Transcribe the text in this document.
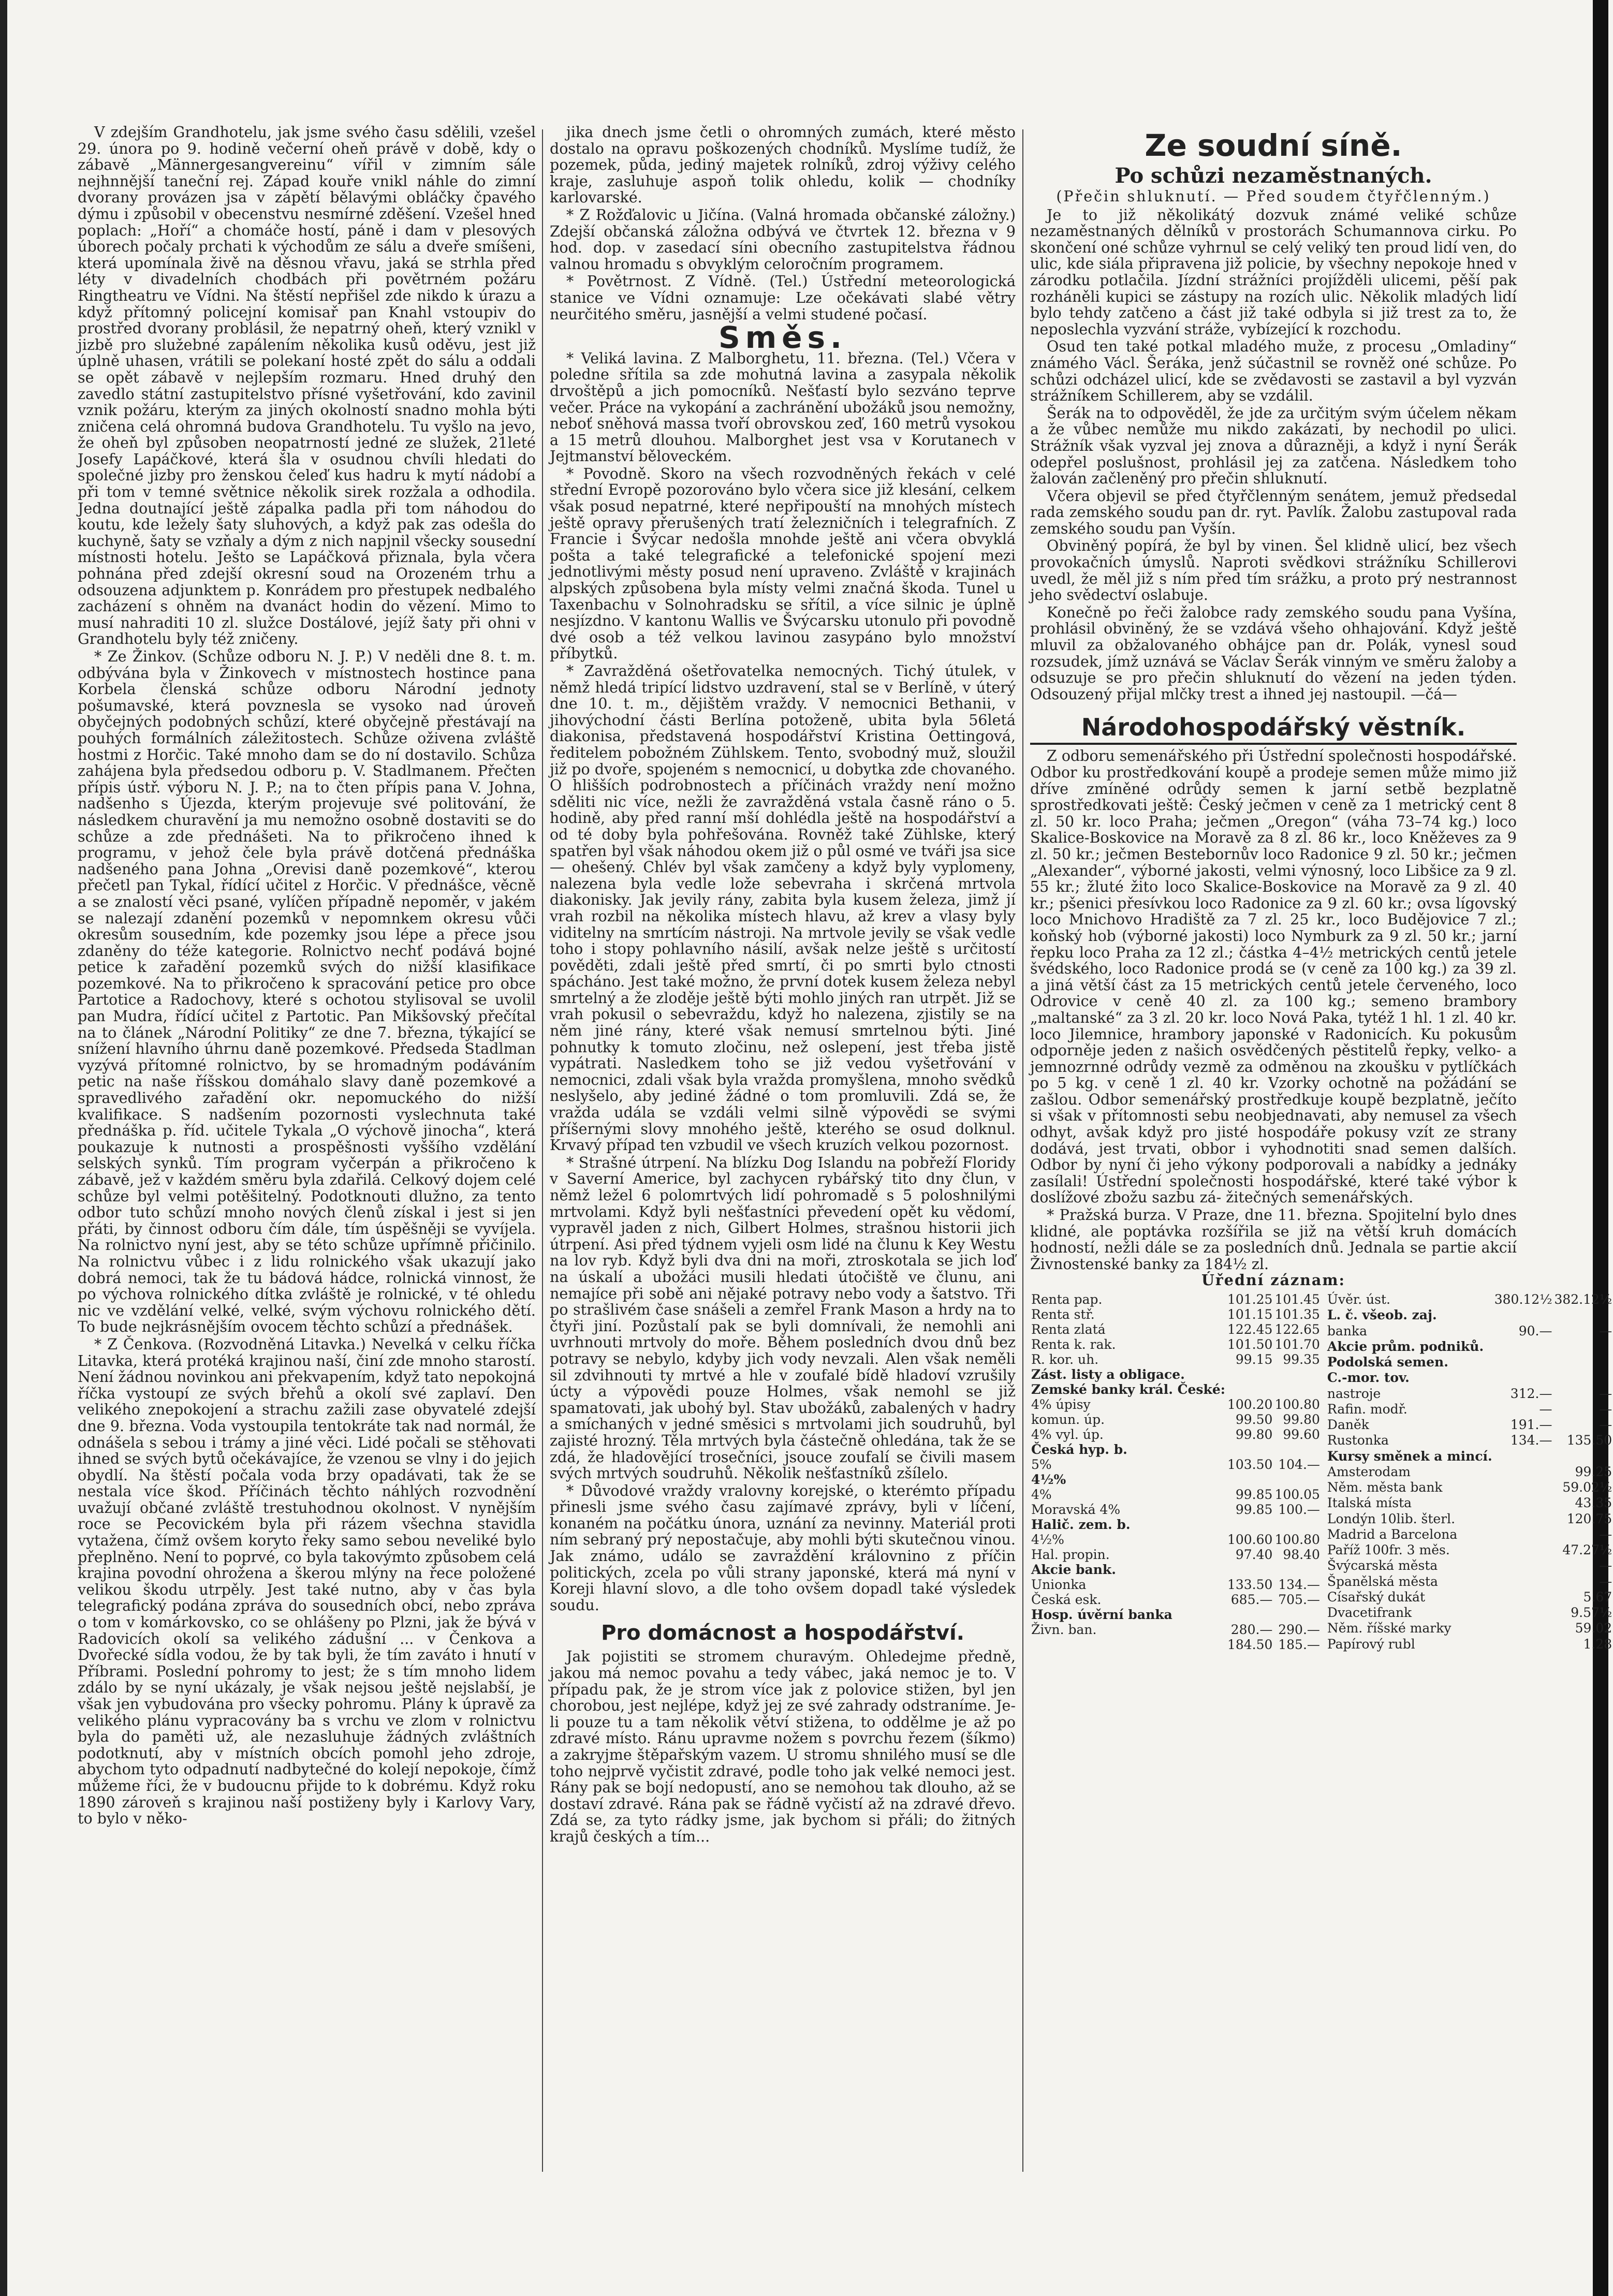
V zdejším Grandhotelu, jak jsme svého času sdělili, vzešel 29. února po 9. hodině večerní oheň právě v době, kdy o zábavě „Männergesangvereinu“ vířil v zimním sále nejhnnější taneční rej. Západ kouře vnikl náhle do zimní dvorany provázen jsa v zápětí bělavými obláčky čpavého dýmu i způsobil v obecenstvu nesmírné zděšení. Vzešel hned poplach: „Hoří“ a chomáče hostí, páně i dam v plesových úborech počaly prchati k východům ze sálu a dveře smíšeni, která upomínala živě na děsnou vřavu, jaká se strhla před léty v divadelních chodbách při povětrném požáru Ringtheatru ve Vídni. Na štěstí nepřišel zde nikdo k úrazu a když přítomný policejní komisař pan Knahl vstoupiv do prostřed dvorany problásil, že nepatrný oheň, který vznikl v jizbě pro služebné zapálením několika kusů oděvu, jest již úplně uhasen, vrátili se polekaní hosté zpět do sálu a oddali se opět zábavě v nejlepším rozmaru. Hned druhý den zavedlo státní zastupitelstvo přísné vyšetřování, kdo zavinil vznik požáru, kterým za jiných okolností snadno mohla býti zničena celá ohromná budova Grandhotelu. Tu vyšlo na jevo, že oheň byl způsoben neopatrností jedné ze služek, 21leté Josefy Lapáčkové, která šla v osudnou chvíli hledati do společné jizby pro ženskou čeleď kus hadru k mytí nádobí a při tom v temné světnice několik sirek rozžala a odhodila. Jedna doutnající ještě zápalka padla při tom náhodou do koutu, kde ležely šaty sluhových, a když pak zas odešla do kuchyně, šaty se vzňaly a dým z nich napjnil všecky sousední místnosti hotelu. Ješto se Lapáčková přiznala, byla včera pohnána před zdejší okresní soud na Orozeném trhu a odsouzena adjunktem p. Konrádem pro přestupek nedbalého zacházení s ohněm na dvanáct hodin do vězení. Mimo to musí nahraditi 10 zl. služce Dostálové, jejíž šaty při ohni v Grandhotelu byly též zničeny.

* Ze Žinkov. (Schůze odboru N. J. P.) V neděli dne 8. t. m. odbývána byla v Žinkovech v místnostech hostince pana Korbela členská schůze odboru Národní jednoty pošumavské, která povznesla se vysoko nad úroveň obyčejných podobných schůzí, které obyčejně přestávají na pouhých formálních záležitostech. Schůze oživena zvláště hostmi z Horčic. Také mnoho dam se do ní dostavilo. Schůza zahájena byla předsedou odboru p. V. Stadlmanem. Přečten přípis ústř. výboru N. J. P.; na to čten přípis pana V. Johna, nadšenho s Újezda, kterým projevuje své politování, že následkem churavění ja mu nemožno osobně dostaviti se do schůze a zde přednášeti. Na to přikročeno ihned k programu, v jehož čele byla právě dotčená přednáška nadšeného pana Johna „Orevisi daně pozemkové“, kterou přečetl pan Tykal, řídící učitel z Horčic. V přednášce, věcně a se znalostí věci psané, vylíčen případně nepoměr, v jakém se nalezají zdanění pozemků v nepomnkem okresu vůči okresům sousedním, kde pozemky jsou lépe a přece jsou zdaněny do téže kategorie. Rolnictvo nechť podává bojné petice k zařadění pozemků svých do nižší klasifikace pozemkové. Na to přikročeno k spracování petice pro obce Partotice a Radochovy, které s ochotou stylisoval se uvolil pan Mudra, řídící učitel z Partotic. Pan Mikšovský přečítal na to článek „Národní Politiky“ ze dne 7. března, týkající se snížení hlavního úhrnu daně pozemkové. Předseda Stadlman vyzývá přítomné rolnictvo, by se hromadným podáváním petic na naše říšskou domáhalo slavy daně pozemkové a spravedlivého zařadění okr. nepomuckého do nižší kvalifikace. S nadšením pozornosti vyslechnuta také přednáška p. říd. učitele Tykala „O výchově jinocha“, která poukazuje k nutnosti a prospěšnosti vyššího vzdělání selských synků. Tím program vyčerpán a přikročeno k zábavě, jež v každém směru byla zdařilá. Celkový dojem celé schůze byl velmi potěšitelný. Podotknouti dlužno, za tento odbor tuto schůzí mnoho nových členů získal i jest si jen přáti, by činnost odboru čím dále, tím úspěšněji se vyvíjela. Na rolnictvo nyní jest, aby se této schůze upřímně přičinilo. Na rolnictvu vůbec i z lidu rolnického však ukazují jako dobrá nemoci, tak že tu bádová hádce, rolnická vinnost, že po výchova rolnického dítka zvláště je rolnické, v té ohledu nic ve vzdělání velké, velké, svým výchovu rolnického dětí. To bude nejkrásnějším ovocem těchto schůzí a přednášek.

* Z Čenkova. (Rozvodněná Litavka.) Nevelká v celku říčka Litavka, která protéká krajinou naší, činí zde mnoho starostí. Není žádnou novinkou ani překvapením, když tato nepokojná říčka vystoupí ze svých břehů a okolí své zaplaví. Den velikého znepokojení a strachu zažili zase obyvatelé zdejší dne 9. března. Voda vystoupila tentokráte tak nad normál, že odnášela s sebou i trámy a jiné věci. Lidé počali se stěhovati ihned se svých bytů očekávajíce, že vzenou se vlny i do jejich obydlí. Na štěstí počala voda brzy opadávati, tak že se nestala více škod. Příčinách těchto náhlých rozvodnění uvažují občané zvláště trestuhodnou okolnost. V nynějším roce se Pecovickém byla při rázem všechna stavidla vytažena, čímž ovšem koryto řeky samo sebou neveliké bylo přeplněno. Není to poprvé, co byla takovýmto způsobem celá krajina povodní ohrožena a škerou mlýny na řece položené velikou škodu utrpěly. Jest také nutno, aby v čas byla telegrafický podána zpráva do sousedních obcí, nebo zpráva o tom v komárkovsko, co se ohlášeny po Plzni, jak že bývá v Radovicích okolí sa velikého zádušní ... v Čenkova a Dvořecké sídla vodou, že by tak byli, že tím zaváto i hnutí v Příbrami. Poslední pohromy to jest; že s tím mnoho lidem zdálo by se nyní ukázaly, je však nejsou ještě nejslabší, je však jen vybudována pro všecky pohromu. Plány k úpravě za velikého plánu vypracovány ba s vrchu ve zlom v rolnictvu byla do paměti už, ale nezasluhuje žádných zvláštních podotknutí, aby v místních obcích pomohl jeho zdroje, abychom tyto odpadnutí nadbytečné do kolejí nepokoje, čímž můžeme říci, že v budoucnu přijde to k dobrému. Když roku 1890 zároveň s krajinou naší postiženy byly i Karlovy Vary, to bylo v něko-

jika dnech jsme četli o ohromných zumách, které město dostalo na opravu poškozených chodníků. Myslíme tudíž, že pozemek, půda, jediný majetek rolníků, zdroj výživy celého kraje, zasluhuje aspoň tolik ohledu, kolik — chodníky karlovarské.

* Z Rožďalovic u Jičína. (Valná hromada občanské záložny.) Zdejší občanská záložna odbývá ve čtvrtek 12. března v 9 hod. dop. v zasedací síni obecního zastupitelstva řádnou valnou hromadu s obvyklým celoročním programem.

* Povětrnost. Z Vídně. (Tel.) Ústřední meteorologická stanice ve Vídni oznamuje: Lze očekávati slabé větry neurčitého směru, jasnější a velmi studené počasí.

Směs.

* Veliká lavina. Z Malborghetu, 11. března. (Tel.) Včera v poledne sřítila sa zde mohutná lavina a zasypala několik drvoštěpů a jich pomocníků. Nešťastí bylo sezváno teprve večer. Práce na vykopání a zachránění ubožáků jsou nemožny, neboť sněhová massa tvoří obrovskou zeď, 160 metrů vysokou a 15 metrů dlouhou. Malborghet jest vsa v Korutanech v Jejtmanství běloveckém.

* Povodně. Skoro na všech rozvodněných řekách v celé střední Evropě pozorováno bylo včera sice již klesání, celkem však posud nepatrné, které nepřipouští na mnohých místech ještě opravy přerušených tratí železničních i telegrafních. Z Francie i Švýcar nedošla mnohde ještě ani včera obvyklá pošta a také telegrafické a telefonické spojení mezi jednotlivými městy posud není upraveno. Zvláště v krajinách alpských způsobena byla místy velmi značná škoda. Tunel u Taxenbachu v Solnohradsku se sřítil, a více silnic je úplně nesjízdno. V kantonu Wallis ve Švýcarsku utonulo při povodně dvé osob a též velkou lavinou zasypáno bylo množství příbytků.

* Zavražděná ošetřovatelka nemocných. Tichý útulek, v němž hledá tripící lidstvo uzdravení, stal se v Berlíně, v úterý dne 10. t. m., dějištěm vraždy. V nemocnici Bethanii, v jihovýchodní části Berlína potoženě, ubita byla 56letá diakonisa, představená hospodářství Kristina Oettingová, ředitelem pobožném Zühlskem. Tento, svobodný muž, sloužil již po dvoře, spojeném s nemocnicí, u dobytka zde chovaného. O hlišších podrobnostech a příčinách vraždy není možno sděliti nic více, nežli že zavražděná vstala časně ráno o 5. hodině, aby před ranní mší dohlédla ještě na hospodářství a od té doby byla pohřešována. Rovněž také Zühlske, který spatřen byl však náhodou okem již o půl osmé ve tváři jsa sice — ohešený. Chlév byl však zamčeny a když byly vyplomeny, nalezena byla vedle lože sebevraha i skrčená mrtvola diakonisky. Jak jevily rány, zabita byla kusem železa, jimž jí vrah rozbil na několika místech hlavu, až krev a vlasy byly viditelny na smrtícím nástroji. Na mrtvole jevily se však vedle toho i stopy pohlavního násilí, avšak nelze ještě s určitostí pověděti, zdali ještě před smrtí, či po smrti bylo ctnosti spácháno. Jest také možno, že první dotek kusem železa nebyl smrtelný a že zloděje ještě býti mohlo jiných ran utrpět. Již se vrah pokusil o sebevraždu, když ho nalezena, zjistily se na něm jiné rány, které však nemusí smrtelnou býti. Jiné pohnutky k tomuto zločinu, než oslepení, jest třeba jistě vypátrati. Nasledkem toho se již vedou vyšetřování v nemocnici, zdali však byla vražda promyšlena, mnoho svědků neslyšelo, aby jediné žádné o tom promluvili. Zdá se, že vražda udála se vzdáli velmi silně výpovědi se svými příšernými slovy mnohého ještě, kterého se osud dolknul. Krvavý případ ten vzbudil ve všech kruzích velkou pozornost.

* Strašné útrpení. Na blízku Dog Islandu na pobřeží Floridy v Saverní Americe, byl zachycen rybářský tito dny člun, v němž ležel 6 polomrtvých lidí pohromadě s 5 poloshnilými mrtvolami. Když byli nešťastníci převedení opět ku vědomí, vypravěl jaden z nich, Gilbert Holmes, strašnou historii jich útrpení. Asi před týdnem vyjeli osm lidé na člunu k Key Westu na lov ryb. Když byli dva dni na moři, ztroskotala se jich loď na úskalí a ubožáci musili hledati útočiště ve člunu, ani nemajíce při sobě ani nějaké potravy nebo vody a šatstvo. Tři po strašlivém čase snášeli a zemřel Frank Mason a hrdy na to čtyři jiní. Pozůstalí pak se byli domnívali, že nemohli ani uvrhnouti mrtvoly do moře. Během posledních dvou dnů bez potravy se nebylo, kdyby jich vody nevzali. Alen však neměli sil zdvihnouti ty mrtvé a hle v zoufalé bídě hladoví vzrušily úcty a výpovědi pouze Holmes, však nemohl se již spamatovati, jak ubohý byl. Stav ubožáků, zabalených v hadry a smíchaných v jedné směsici s mrtvolami jich soudruhů, byl zajisté hrozný. Těla mrtvých byla částečně ohledána, tak že se zdá, že hladovějící trosečníci, jsouce zoufalí se čivili masem svých mrtvých soudruhů. Několik nešťastníků zšílelo.

* Důvodové vraždy vralovny korejské, o kterémto případu přinesli jsme svého času zajímavé zprávy, byli v líčení, konaném na počátku února, uznání za nevinny. Materiál proti ním sebraný prý nepostačuje, aby mohli býti skutečnou vinou. Jak známo, událo se zavraždění královnino z příčin politických, zcela po vůli strany japonské, která má nyní v Koreji hlavní slovo, a dle toho ovšem dopadl také výsledek soudu.

Pro domácnost a hospodářství.

Jak pojistiti se stromem churavým. Ohledejme předně, jakou má nemoc povahu a tedy vábec, jaká nemoc je to. V případu pak, že je strom více jak z polovice stižen, byl jen chorobou, jest nejlépe, když jej ze své zahrady odstraníme. Je-li pouze tu a tam několik větví stižena, to oddělme je až po zdravé místo. Ránu upravme nožem s povrchu řezem (šíkmo) a zakryjme štěpařským vazem. U stromu shnilého musí se dle toho nejprvě vyčistit zdravé, podle toho jak velké nemoci jest. Rány pak se bojí nedopustí, ano se nemohou tak dlouho, až se dostaví zdravé. Rána pak se řádně vyčistí až na zdravé dřevo. Zdá se, za tyto rádky jsme, jak bychom si přáli; do žitných krajů českých a tím...

Ze soudní síně.
Po schůzi nezaměstnaných.
(Přečin shluknutí. — Před soudem čtyřčlenným.)

Je to již několikátý dozvuk známé veliké schůze nezaměstnaných dělníků v prostorách Schumannova cirku. Po skončení oné schůze vyhrnul se celý veliký ten proud lidí ven, do ulic, kde siála připravena již policie, by všechny nepokoje hned v zárodku potlačila. Jízdní strážníci projížděli ulicemi, pěší pak rozháněli kupici se zástupy na rozích ulic. Několik mladých lidí bylo tehdy zatčeno a část již také odbyla si již trest za to, že neposlechla vyzvání stráže, vybízející k rozchodu.

Osud ten také potkal mladého muže, z procesu „Omladiny“ známého Václ. Šeráka, jenž súčastnil se rovněž oné schůze. Po schůzi odcházel ulicí, kde se zvědavosti se zastavil a byl vyzván strážníkem Schillerem, aby se vzdálil.

Šerák na to odpověděl, že jde za určitým svým účelem někam a že vůbec nemůže mu nikdo zakázati, by nechodil po ulici. Strážník však vyzval jej znova a důrazněji, a když i nyní Šerák odepřel poslušnost, prohlásil jej za zatčena. Následkem toho žalován začleněný pro přečin shluknutí.

Včera objevil se před čtyřčlenným senátem, jemuž předsedal rada zemského soudu pan dr. ryt. Pavlík. Žalobu zastupoval rada zemského soudu pan Vyšín.

Obviněný popírá, že byl by vinen. Šel klidně ulicí, bez všech provokačních úmyslů. Naproti svědkovi strážníku Schillerovi uvedl, že měl již s ním před tím srážku, a proto prý nestrannost jeho svědectví oslabuje.

Konečně po řeči žalobce rady zemského soudu pana Vyšína, prohlásil obviněný, že se vzdává všeho ohhajování. Když ještě mluvil za obžalovaného obhájce pan dr. Polák, vynesl soud rozsudek, jímž uznává se Václav Šerák vinným ve směru žaloby a odsuzuje se pro přečin shluknutí do vězení na jeden týden. Odsouzený přijal mlčky trest a ihned jej nastoupil. —čá—

Národohospodářský věstník.

Z odboru semenářského při Ústřední společnosti hospodářské. Odbor ku prostředkování koupě a prodeje semen může mimo již dříve zmíněné odrůdy semen k jarní setbě bezplatně sprostředkovati ještě: Český ječmen v ceně za 1 metrický cent 8 zl. 50 kr. loco Praha; ječmen „Oregon“ (váha 73–74 kg.) loco Skalice-Boskovice na Moravě za 8 zl. 86 kr., loco Kněževes za 9 zl. 50 kr.; ječmen Bestebornův loco Radonice 9 zl. 50 kr.; ječmen „Alexander“, výborné jakosti, velmi výnosný, loco Libšice za 9 zl. 55 kr.; žluté žito loco Skalice-Boskovice na Moravě za 9 zl. 40 kr.; pšenici přesívkou loco Radonice za 9 zl. 60 kr.; ovsa lígovský loco Mnichovo Hradiště za 7 zl. 25 kr., loco Budějovice 7 zl.; koňský hob (výborné jakosti) loco Nymburk za 9 zl. 50 kr.; jarní řepku loco Praha za 12 zl.; částka 4–4½ metrických centů jetele švédského, loco Radonice prodá se (v ceně za 100 kg.) za 39 zl. a jiná větší část za 15 metrických centů jetele červeného, loco Odrovice v ceně 40 zl. za 100 kg.; semeno brambory „maltanské“ za 3 zl. 20 kr. loco Nová Paka, tytéž 1 hl. 1 zl. 40 kr. loco Jilemnice, hrambory japonské v Radonicích. Ku pokusům odporněje jeden z našich osvědčených pěstitelů řepky, velko- a jemnozrnné odrůdy vezmě za odměnou na zkoušku v pytlíčkách po 5 kg. v ceně 1 zl. 40 kr. Vzorky ochotně na požádání se zašlou. Odbor semenářský prostředkuje koupě bezplatně, ječíto si však v přítomnosti sebu neobjednavati, aby nemusel za všech odhyt, avšak když pro jisté hospodáře pokusy vzít ze strany dodává, jest trvati, obbor i vyhodnotiti snad semen dalších. Odbor by nyní či jeho výkony podporovali a nabídky a jednáky zasílali! Ústřední společnosti hospodářské, které také výbor k doslížové zbožu sazbu zá- žitečných semenářských.

* Pražská burza. V Praze, dne 11. března. Spojitelní bylo dnes klidné, ale poptávka rozšířila se již na větší kruh domácích hodností, nežli dále se za posledních dnů. Jednala se partie akcií Živnostenské banky za 184½ zl.

Úřední záznam:
Renta pap.	101.25	101.45
Renta stř.	101.15	101.35
Renta zlatá	122.45	122.65
Renta k. rak.	101.50	101.70
R. kor. uh.	99.15	99.35
Zást. listy a obligace.		
Zemské banky král. České:		
4% úpisy	100.20	100.80
komun. úp.	99.50	99.80
4% vyl. úp.	99.80	99.60
Česká hyp. b.		
5%	103.50	104.—
4½%		
4%	99.85	100.05
Moravská 4%	99.85	100.—
Halič. zem. b.		
4½%	100.60	100.80
Hal. propin.	97.40	98.40
Akcie bank.		
Unionka	133.50	134.—
Česká esk.	685.—	705.—
Hosp. úvěrní banka		
Živn. ban.	280.—	290.—
	184.50	185.—
Úvěr. úst.	380.12½	382.12½
L. č. všeob. zaj.		
banka	90.—	—
Akcie prům. podniků.		
Podolská semen.		
C.-mor. tov.		
nastroje	312.—	—
Rafin. modř.	—	—
Daněk	191.—	—
Rustonka	134.—	135.50
Kursy směnek a mincí.		
Amsterodam		99.25
Něm. města bank		59.02½
Italská místa		43.35
Londýn 10lib. šterl.		120.75
Madrid a Barcelona		—
Paříž 100fr. 3 měs.		47.27½
Švýcarská města		—
Španělská města		—
Císařský dukát		5.67
Dvacetifrank		9.57½
Něm. říšské marky		59.02
Papírový rubl		1.28
